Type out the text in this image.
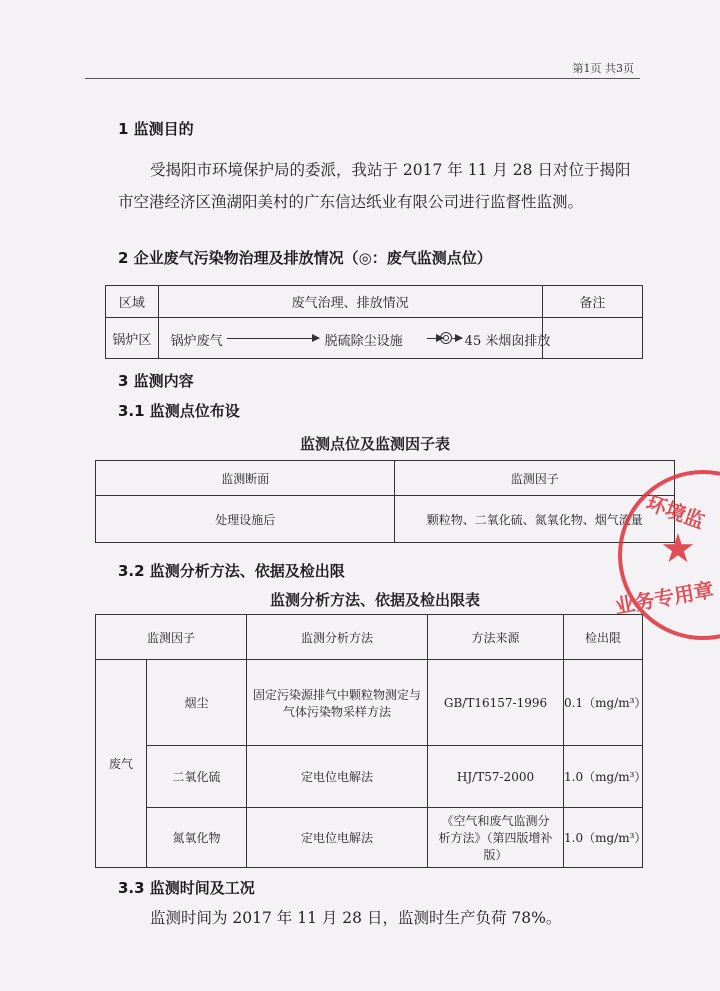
第1页 共3页
1 监测目的
受揭阳市环境保护局的委派，我站于 2017 年 11 月 28 日对位于揭阳
市空港经济区渔湖阳美村的广东信达纸业有限公司进行监督性监测。
2 企业废气污染物治理及排放情况（◎：废气监测点位）
区域	废气治理、排放情况	备注
锅炉区	锅炉废气 脱硫除尘设施 45 米烟囱排放	

3 监测内容
3.1 监测点位布设
监测点位及监测因子表
监测断面	监测因子
处理设施后	颗粒物、二氧化硫、氮氧化物、烟气流量
3.2 监测分析方法、依据及检出限
监测分析方法、依据及检出限表
监测因子		监测分析方法	方法来源	检出限
废气	烟尘	固定污染源排气中颗粒物测定与气体污染物采样方法	GB/T16157-1996	0.1（mg/m³）
	二氧化硫	定电位电解法	HJ/T57-2000	1.0（mg/m³）
	氮氧化物	定电位电解法	《空气和废气监测分析方法》（第四版增补版）	1.0（mg/m³）
3.3 监测时间及工况
监测时间为 2017 年 11 月 28 日，监测时生产负荷 78%。
环境监
★
业务专用章
